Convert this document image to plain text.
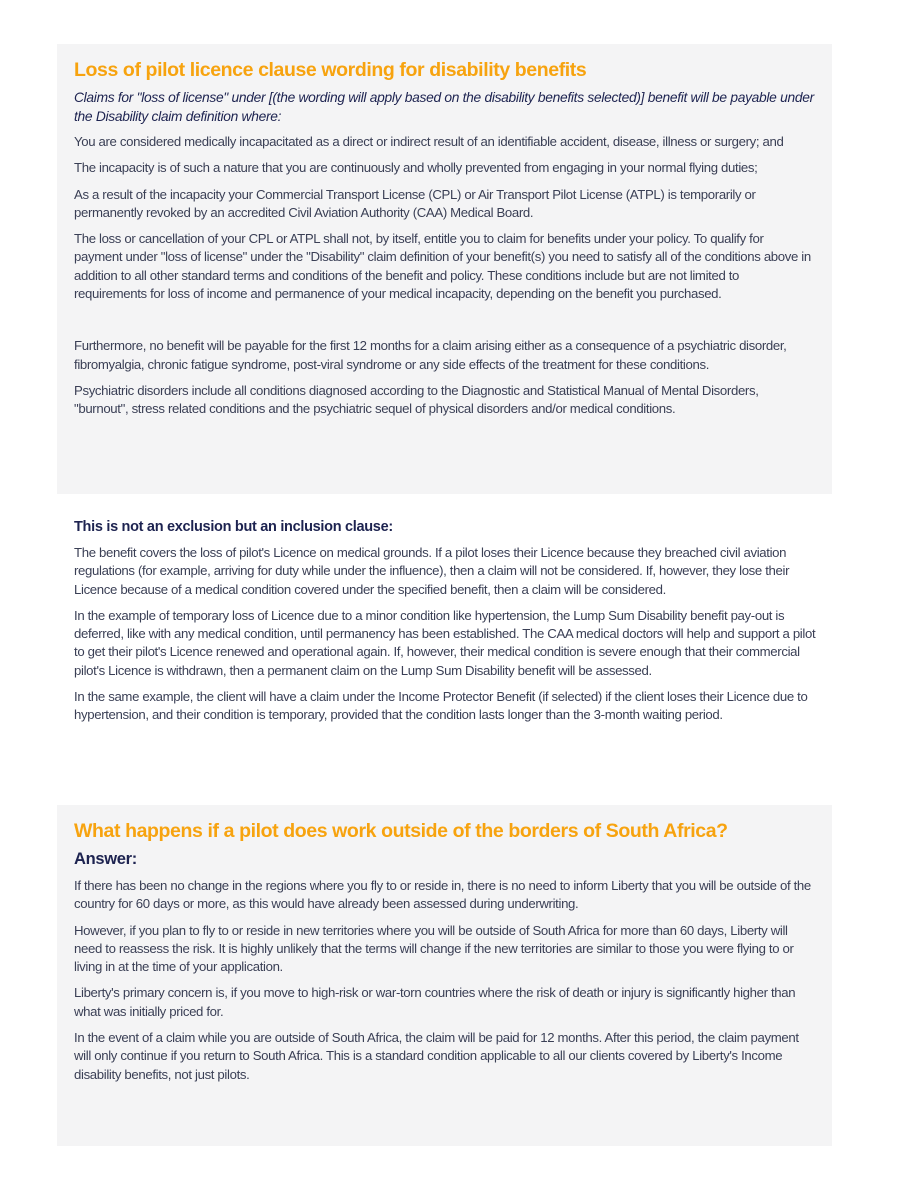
Loss of pilot licence clause wording for disability benefits

Claims for "loss of license" under [(the wording will apply based on the disability benefits selected)] benefit will be payable under the Disability claim definition where:

You are considered medically incapacitated as a direct or indirect result of an identifiable accident, disease, illness or surgery; and

The incapacity is of such a nature that you are continuously and wholly prevented from engaging in your normal flying duties;

As a result of the incapacity your Commercial Transport License (CPL) or Air Transport Pilot License (ATPL) is temporarily or permanently revoked by an accredited Civil Aviation Authority (CAA) Medical Board.

The loss or cancellation of your CPL or ATPL shall not, by itself, entitle you to claim for benefits under your policy. To qualify for payment under "loss of license" under the "Disability" claim definition of your benefit(s) you need to satisfy all of the conditions above in addition to all other standard terms and conditions of the benefit and policy. These conditions include but are not limited to requirements for loss of income and permanence of your medical incapacity, depending on the benefit you purchased.

Furthermore, no benefit will be payable for the first 12 months for a claim arising either as a consequence of a psychiatric disorder, fibromyalgia, chronic fatigue syndrome, post-viral syndrome or any side effects of the treatment for these conditions.

Psychiatric disorders include all conditions diagnosed according to the Diagnostic and Statistical Manual of Mental Disorders, "burnout", stress related conditions and the psychiatric sequel of physical disorders and/or medical conditions.

This is not an exclusion but an inclusion clause:

The benefit covers the loss of pilot's Licence on medical grounds. If a pilot loses their Licence because they breached civil aviation regulations (for example, arriving for duty while under the influence), then a claim will not be considered. If, however, they lose their Licence because of a medical condition covered under the specified benefit, then a claim will be considered.

In the example of temporary loss of Licence due to a minor condition like hypertension, the Lump Sum Disability benefit pay-out is deferred, like with any medical condition, until permanency has been established. The CAA medical doctors will help and support a pilot to get their pilot's Licence renewed and operational again. If, however, their medical condition is severe enough that their commercial pilot's Licence is withdrawn, then a permanent claim on the Lump Sum Disability benefit will be assessed.

In the same example, the client will have a claim under the Income Protector Benefit (if selected) if the client loses their Licence due to hypertension, and their condition is temporary, provided that the condition lasts longer than the 3-month waiting period.

What happens if a pilot does work outside of the borders of South Africa?
Answer:

If there has been no change in the regions where you fly to or reside in, there is no need to inform Liberty that you will be outside of the country for 60 days or more, as this would have already been assessed during underwriting.

However, if you plan to fly to or reside in new territories where you will be outside of South Africa for more than 60 days, Liberty will need to reassess the risk. It is highly unlikely that the terms will change if the new territories are similar to those you were flying to or living in at the time of your application.

Liberty's primary concern is, if you move to high-risk or war-torn countries where the risk of death or injury is significantly higher than what was initially priced for.

In the event of a claim while you are outside of South Africa, the claim will be paid for 12 months. After this period, the claim payment will only continue if you return to South Africa. This is a standard condition applicable to all our clients covered by Liberty's Income disability benefits, not just pilots.
